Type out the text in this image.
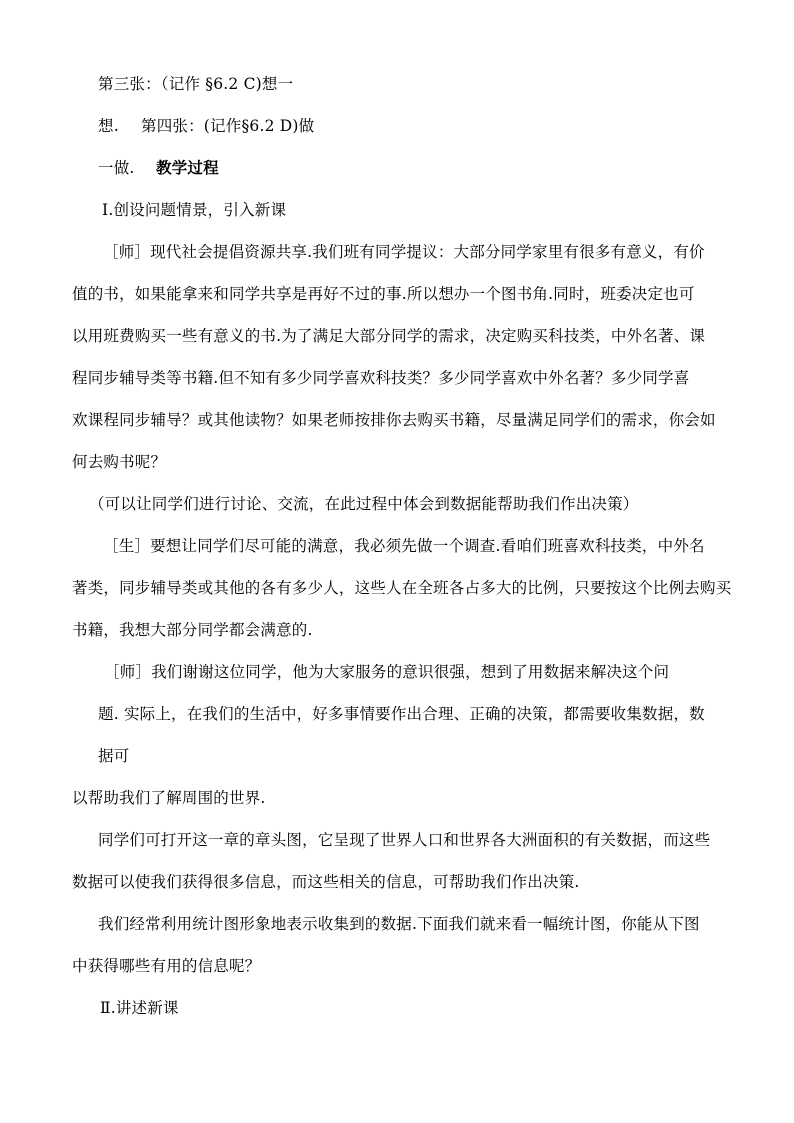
第三张：（记作 §6.2 C)想一
想. 第四张：(记作§6.2 D)做
一做. 教学过程
Ⅰ.创设问题情景，引入新课
［师］现代社会提倡资源共享.我们班有同学提议：大部分同学家里有很多有意义，有价
值的书，如果能拿来和同学共享是再好不过的事.所以想办一个图书角.同时，班委决定也可
以用班费购买一些有意义的书.为了满足大部分同学的需求，决定购买科技类，中外名著、课
程同步辅导类等书籍.但不知有多少同学喜欢科技类？多少同学喜欢中外名著？多少同学喜
欢课程同步辅导？或其他读物？如果老师按排你去购买书籍，尽量满足同学们的需求，你会如
何去购书呢？
（可以让同学们进行讨论、交流，在此过程中体会到数据能帮助我们作出决策）
［生］要想让同学们尽可能的满意，我必须先做一个调查.看咱们班喜欢科技类，中外名
著类，同步辅导类或其他的各有多少人，这些人在全班各占多大的比例，只要按这个比例去购买
书籍，我想大部分同学都会满意的.
［师］我们谢谢这位同学，他为大家服务的意识很强，想到了用数据来解决这个问
题. 实际上，在我们的生活中，好多事情要作出合理、正确的决策，都需要收集数据，数
据可
以帮助我们了解周围的世界.
同学们可打开这一章的章头图，它呈现了世界人口和世界各大洲面积的有关数据，而这些
数据可以使我们获得很多信息，而这些相关的信息，可帮助我们作出决策.
我们经常利用统计图形象地表示收集到的数据.下面我们就来看一幅统计图，你能从下图
中获得哪些有用的信息呢？
Ⅱ.讲述新课
